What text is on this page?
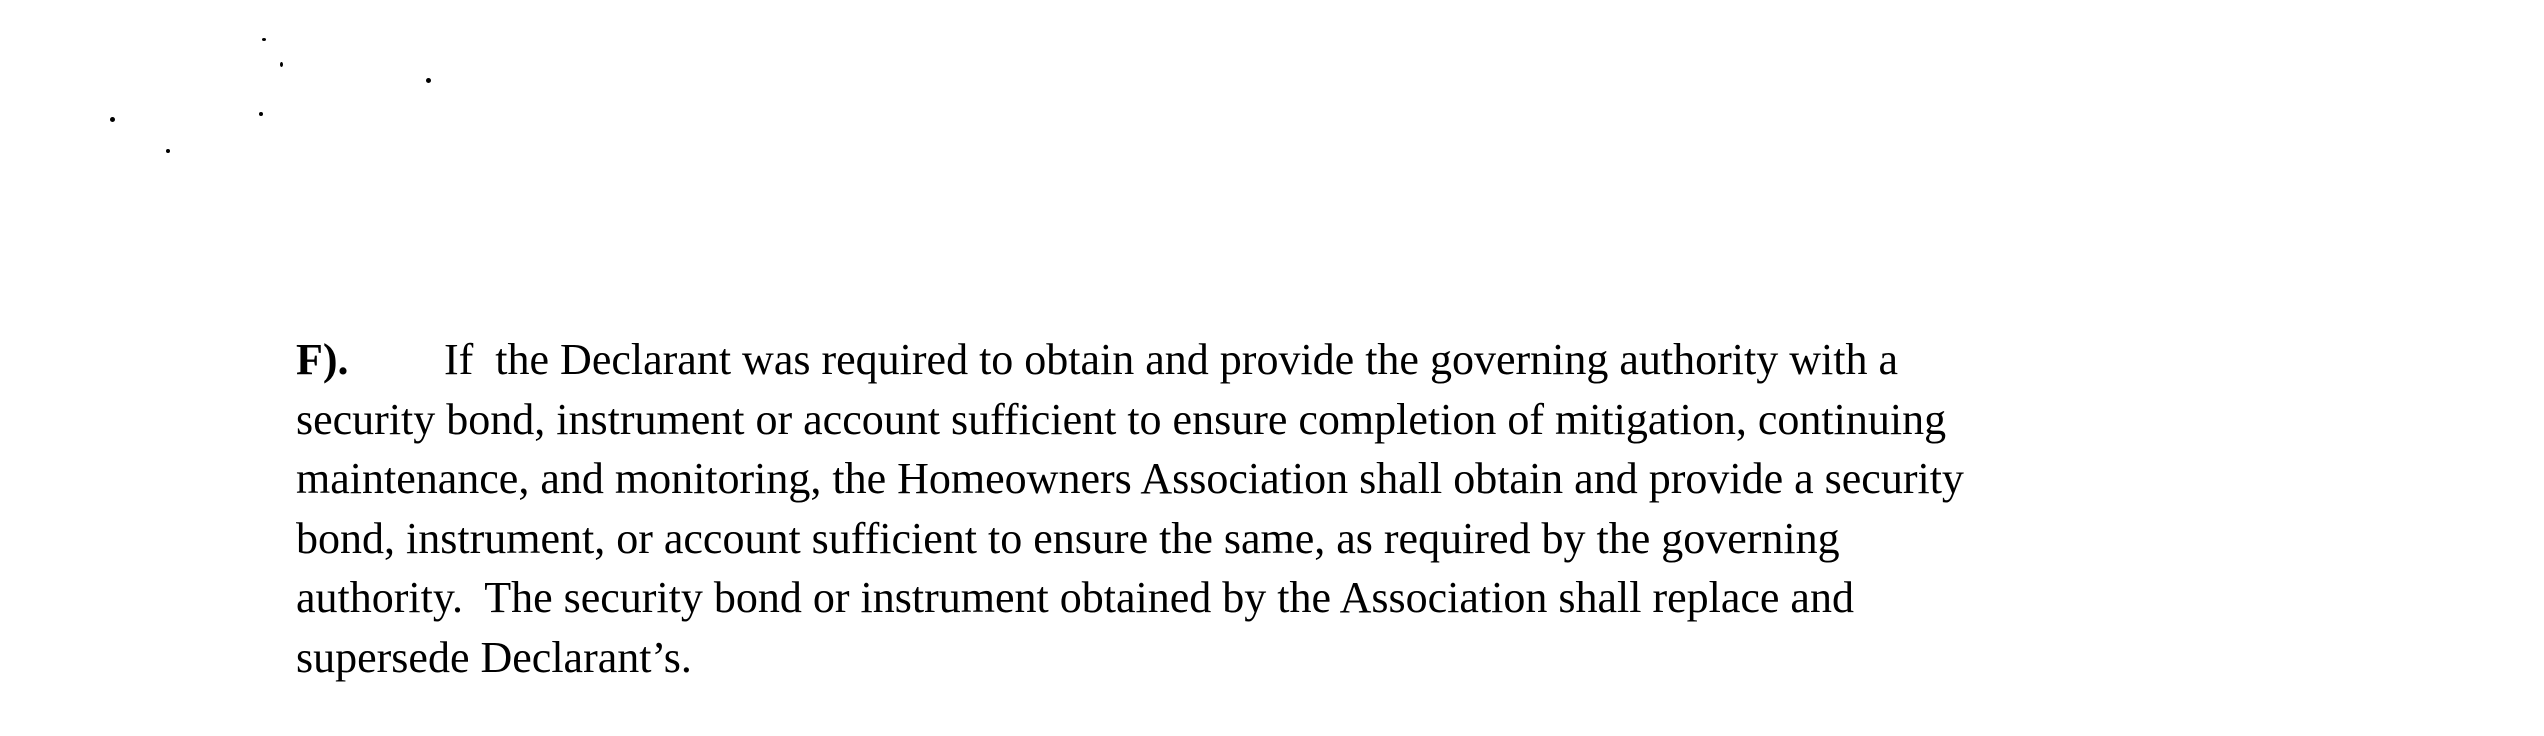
F). If  the Declarant was required to obtain and provide the governing authority with a
security bond, instrument or account sufficient to ensure completion of mitigation, continuing
maintenance, and monitoring, the Homeowners Association shall obtain and provide a security
bond, instrument, or account sufficient to ensure the same, as required by the governing
authority.  The security bond or instrument obtained by the Association shall replace and
supersede Declarant’s.
